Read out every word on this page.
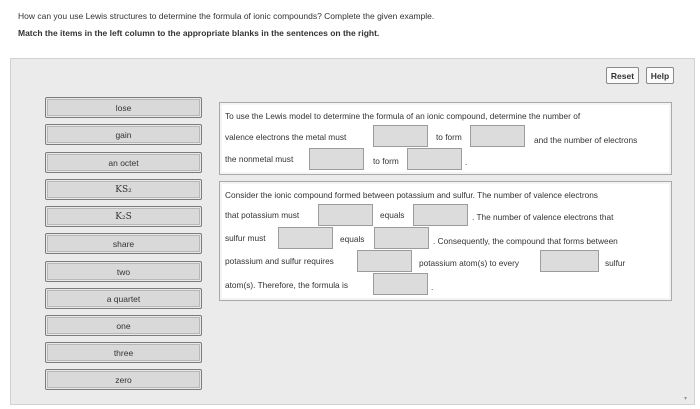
How can you use Lewis structures to determine the formula of ionic compounds? Complete the given example.
Match the items in the left column to the appropriate blanks in the sentences on the right.
Reset	Help
lose
gain
an octet
KS₂
K₂S
share
two
a quartet
one
three
zero
To use the Lewis model to determine the formula of an ionic compound, determine the number of
valence electrons the metal must	to form	and the number of electrons
the nonmetal must	to form	.
Consider the ionic compound formed between potassium and sulfur. The number of valence electrons
that potassium must	equals	. The number of valence electrons that
sulfur must	equals	. Consequently, the compound that forms between
potassium and sulfur requires	potassium atom(s) to every	sulfur
atom(s). Therefore, the formula is	.
▾
